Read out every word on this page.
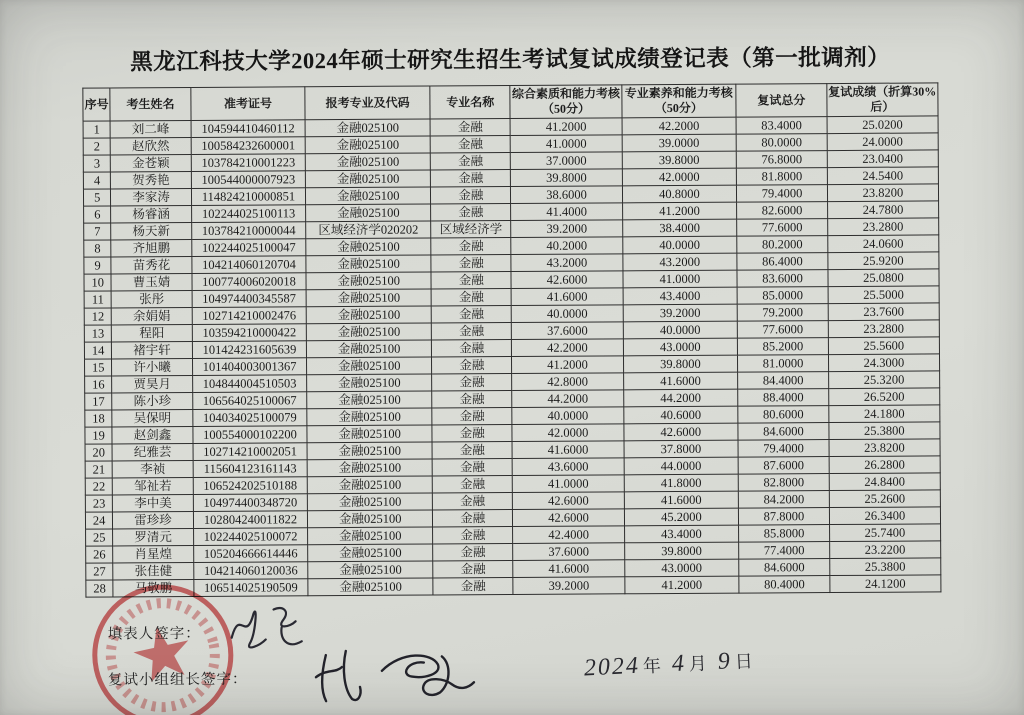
黑龙江科技大学2024年硕士研究生招生考试复试成绩登记表（第一批调剂）
序号	考生姓名	准考证号	报考专业及代码	专业名称	综合素质和能力考核（50分）	专业素养和能力考核（50分）	复试总分	复试成绩（折算30%后）
1	刘二峰	104594410460112	金融025100	金融	41.2000	42.2000	83.4000	25.0200
2	赵欣然	100584232600001	金融025100	金融	41.0000	39.0000	80.0000	24.0000
3	金苍颖	103784210001223	金融025100	金融	37.0000	39.8000	76.8000	23.0400
4	贺秀艳	100544000007923	金融025100	金融	39.8000	42.0000	81.8000	24.5400
5	李家涛	114824210000851	金融025100	金融	38.6000	40.8000	79.4000	23.8200
6	杨睿涵	102244025100113	金融025100	金融	41.4000	41.2000	82.6000	24.7800
7	杨天新	103784210000044	区域经济学020202	区域经济学	39.2000	38.4000	77.6000	23.2800
8	齐旭鹏	102244025100047	金融025100	金融	40.2000	40.0000	80.2000	24.0600
9	苗秀花	104214060120704	金融025100	金融	43.2000	43.2000	86.4000	25.9200
10	曹玉婧	100774006020018	金融025100	金融	42.6000	41.0000	83.6000	25.0800
11	张彤	104974400345587	金融025100	金融	41.6000	43.4000	85.0000	25.5000
12	余娟娟	102714210002476	金融025100	金融	40.0000	39.2000	79.2000	23.7600
13	程阳	103594210000422	金融025100	金融	37.6000	40.0000	77.6000	23.2800
14	褚宇轩	101424231605639	金融025100	金融	42.2000	43.0000	85.2000	25.5600
15	许小曦	101404003001367	金融025100	金融	41.2000	39.8000	81.0000	24.3000
16	贾昊月	104844004510503	金融025100	金融	42.8000	41.6000	84.4000	25.3200
17	陈小珍	106564025100067	金融025100	金融	44.2000	44.2000	88.4000	26.5200
18	吴保明	104034025100079	金融025100	金融	40.0000	40.6000	80.6000	24.1800
19	赵剑鑫	100554000102200	金融025100	金融	42.0000	42.6000	84.6000	25.3800
20	纪雅芸	102714210002051	金融025100	金融	41.6000	37.8000	79.4000	23.8200
21	李祯	115604123161143	金融025100	金融	43.6000	44.0000	87.6000	26.2800
22	邹祉若	106524202510188	金融025100	金融	41.0000	41.8000	82.8000	24.8400
23	李中美	104974400348720	金融025100	金融	42.6000	41.6000	84.2000	25.2600
24	雷珍珍	102804240011822	金融025100	金融	42.6000	45.2000	87.8000	26.3400
25	罗清元	102244025100072	金融025100	金融	42.4000	43.4000	85.8000	25.7400
26	肖星煌	105204666614446	金融025100	金融	37.6000	39.8000	77.4000	23.2200
27	张佳健	104214060120036	金融025100	金融	41.6000	43.0000	84.6000	25.3800
28	马敬鹏	106514025190509	金融025100	金融	39.2000	41.2000	80.4000	24.1200
填表人签字：
复试小组组长签字：	2024 年 4 月 9 日
